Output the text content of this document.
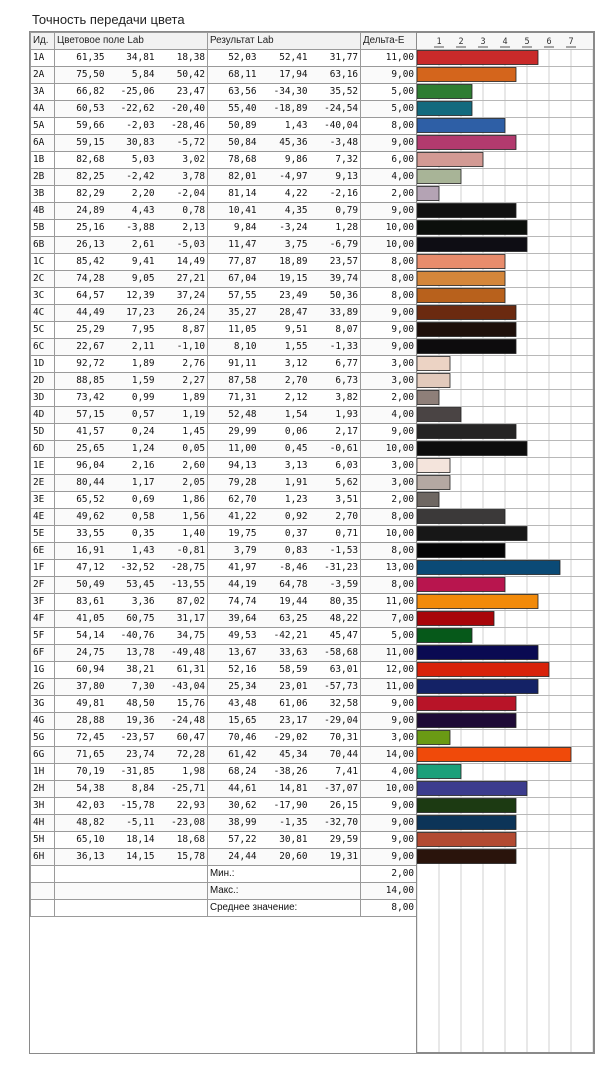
Точность передачи цвета
Ид.	Цветовое поле Lab			Результат Lab			Дельта-E
1A	61,35	34,81	18,38	52,03	52,41	31,77	11,00
2A	75,50	5,84	50,42	68,11	17,94	63,16	9,00
3A	66,82	-25,06	23,47	63,56	-34,30	35,52	5,00
4A	60,53	-22,62	-20,40	55,40	-18,89	-24,54	5,00
5A	59,66	-2,03	-28,46	50,89	1,43	-40,04	8,00
6A	59,15	30,83	-5,72	50,84	45,36	-3,48	9,00
1B	82,68	5,03	3,02	78,68	9,86	7,32	6,00
2B	82,25	-2,42	3,78	82,01	-4,97	9,13	4,00
3B	82,29	2,20	-2,04	81,14	4,22	-2,16	2,00
4B	24,89	4,43	0,78	10,41	4,35	0,79	9,00
5B	25,16	-3,88	2,13	9,84	-3,24	1,28	10,00
6B	26,13	2,61	-5,03	11,47	3,75	-6,79	10,00
1C	85,42	9,41	14,49	77,87	18,89	23,57	8,00
2C	74,28	9,05	27,21	67,04	19,15	39,74	8,00
3C	64,57	12,39	37,24	57,55	23,49	50,36	8,00
4C	44,49	17,23	26,24	35,27	28,47	33,89	9,00
5C	25,29	7,95	8,87	11,05	9,51	8,07	9,00
6C	22,67	2,11	-1,10	8,10	1,55	-1,33	9,00
1D	92,72	1,89	2,76	91,11	3,12	6,77	3,00
2D	88,85	1,59	2,27	87,58	2,70	6,73	3,00
3D	73,42	0,99	1,89	71,31	2,12	3,82	2,00
4D	57,15	0,57	1,19	52,48	1,54	1,93	4,00
5D	41,57	0,24	1,45	29,99	0,06	2,17	9,00
6D	25,65	1,24	0,05	11,00	0,45	-0,61	10,00
1E	96,04	2,16	2,60	94,13	3,13	6,03	3,00
2E	80,44	1,17	2,05	79,28	1,91	5,62	3,00
3E	65,52	0,69	1,86	62,70	1,23	3,51	2,00
4E	49,62	0,58	1,56	41,22	0,92	2,70	8,00
5E	33,55	0,35	1,40	19,75	0,37	0,71	10,00
6E	16,91	1,43	-0,81	3,79	0,83	-1,53	8,00
1F	47,12	-32,52	-28,75	41,97	-8,46	-31,23	13,00
2F	50,49	53,45	-13,55	44,19	64,78	-3,59	8,00
3F	83,61	3,36	87,02	74,74	19,44	80,35	11,00
4F	41,05	60,75	31,17	39,64	63,25	48,22	7,00
5F	54,14	-40,76	34,75	49,53	-42,21	45,47	5,00
6F	24,75	13,78	-49,48	13,67	33,63	-58,68	11,00
1G	60,94	38,21	61,31	52,16	58,59	63,01	12,00
2G	37,80	7,30	-43,04	25,34	23,01	-57,73	11,00
3G	49,81	48,50	15,76	43,48	61,06	32,58	9,00
4G	28,88	19,36	-24,48	15,65	23,17	-29,04	9,00
5G	72,45	-23,57	60,47	70,46	-29,02	70,31	3,00
6G	71,65	23,74	72,28	61,42	45,34	70,44	14,00
1H	70,19	-31,85	1,98	68,24	-38,26	7,41	4,00
2H	54,38	8,84	-25,71	44,61	14,81	-37,07	10,00
3H	42,03	-15,78	22,93	30,62	-17,90	26,15	9,00
4H	48,82	-5,11	-23,08	38,99	-1,35	-32,70	9,00
5H	65,10	18,14	18,68	57,22	30,81	29,59	9,00
6H	36,13	14,15	15,78	24,44	20,60	19,31	9,00
				Мин.:			2,00
				Макс.:			14,00
				Среднее значение:			8,00
1 2 3 4 5 6 7
